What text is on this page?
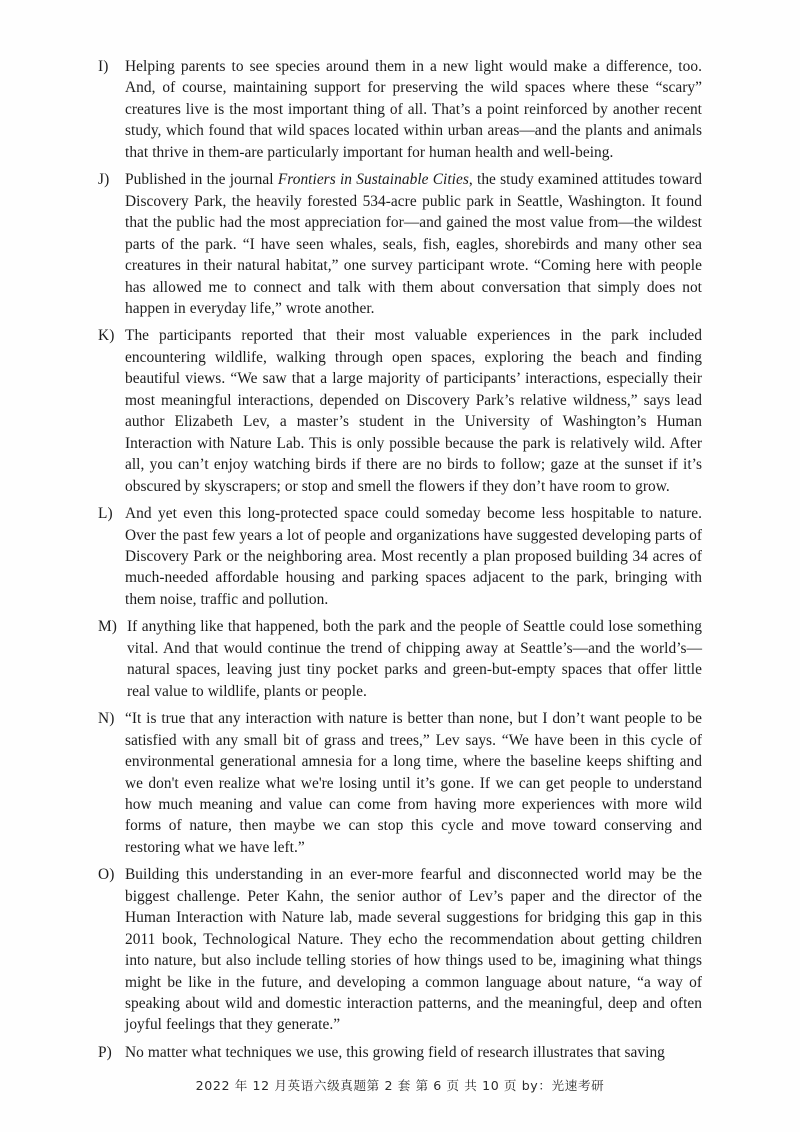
I)	Helping parents to see species around them in a new light would make a difference, too. And, of course, maintaining support for preserving the wild spaces where these “scary” creatures live is the most important thing of all. That’s a point reinforced by another recent study, which found that wild spaces located within urban areas—and the plants and animals that thrive in them-are particularly important for human health and well-being.
J)	Published in the journal Frontiers in Sustainable Cities, the study examined attitudes toward Discovery Park, the heavily forested 534-acre public park in Seattle, Washington. It found that the public had the most appreciation for—and gained the most value from—the wildest parts of the park. “I have seen whales, seals, fish, eagles, shorebirds and many other sea creatures in their natural habitat,” one survey participant wrote. “Coming here with people has allowed me to connect and talk with them about conversation that simply does not happen in everyday life,” wrote another.
K) The participants reported that their most valuable experiences in the park included encountering wildlife, walking through open spaces, exploring the beach and finding beautiful views. “We saw that a large majority of participants’ interactions, especially their most meaningful interactions, depended on Discovery Park’s relative wildness,” says lead author Elizabeth Lev, a master’s student in the University of Washington’s Human Interaction with Nature Lab. This is only possible because the park is relatively wild. After all, you can’t enjoy watching birds if there are no birds to follow; gaze at the sunset if it’s obscured by skyscrapers; or stop and smell the flowers if they don’t have room to grow.
L) And yet even this long-protected space could someday become less hospitable to nature. Over the past few years a lot of people and organizations have suggested developing parts of Discovery Park or the neighboring area. Most recently a plan proposed building 34 acres of much-needed affordable housing and parking spaces adjacent to the park, bringing with them noise, traffic and pollution.
M) If anything like that happened, both the park and the people of Seattle could lose something vital. And that would continue the trend of chipping away at Seattle’s—and the world’s—natural spaces, leaving just tiny pocket parks and green-but-empty spaces that offer little real value to wildlife, plants or people.
N) “It is true that any interaction with nature is better than none, but I don’t want people to be satisfied with any small bit of grass and trees,” Lev says. “We have been in this cycle of environmental generational amnesia for a long time, where the baseline keeps shifting and we don't even realize what we're losing until it’s gone. If we can get people to understand how much meaning and value can come from having more experiences with more wild forms of nature, then maybe we can stop this cycle and move toward conserving and restoring what we have left.”
O) Building this understanding in an ever-more fearful and disconnected world may be the biggest challenge. Peter Kahn, the senior author of Lev’s paper and the director of the Human Interaction with Nature lab, made several suggestions for bridging this gap in this 2011 book, Technological Nature. They echo the recommendation about getting children into nature, but also include telling stories of how things used to be, imagining what things might be like in the future, and developing a common language about nature, “a way of speaking about wild and domestic interaction patterns, and the meaningful, deep and often joyful feelings that they generate.”
P) No matter what techniques we use, this growing field of research illustrates that saving
2022 年 12 月英语六级真题第 2 套 第 6 页 共 10 页 by：光速考研
